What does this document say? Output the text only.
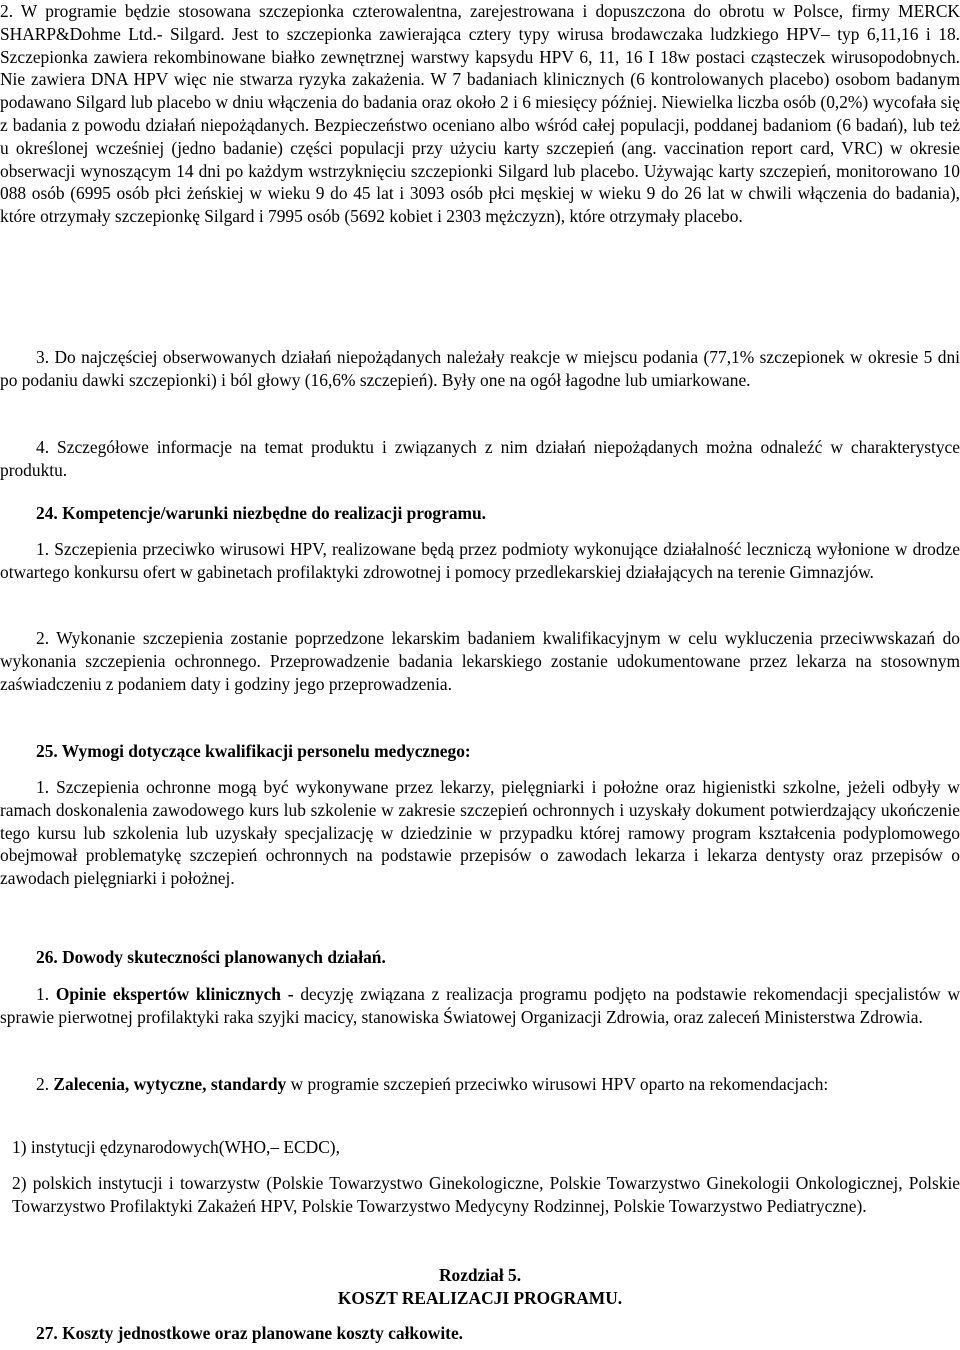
2. W programie będzie stosowana szczepionka czterowalentna, zarejestrowana i dopuszczona do obrotu w Polsce, firmy MERCK SHARP&Dohme Ltd.- Silgard. Jest to szczepionka zawierająca cztery typy wirusa brodawczaka ludzkiego HPV– typ 6,11,16 i 18. Szczepionka zawiera rekombinowane białko zewnętrznej warstwy kapsydu HPV 6, 11, 16 I 18w postaci cząsteczek wirusopodobnych. Nie zawiera DNA HPV więc nie stwarza ryzyka zakażenia. W 7 badaniach klinicznych (6 kontrolowanych placebo) osobom badanym podawano Silgard lub placebo w dniu włączenia do badania oraz około 2 i 6 miesięcy później. Niewielka liczba osób (0,2%) wycofała się z badania z powodu działań niepożądanych. Bezpieczeństwo oceniano albo wśród całej populacji, poddanej badaniom (6 badań), lub też u określonej wcześniej (jedno badanie) części populacji przy użyciu karty szczepień (ang. vaccination report card, VRC) w okresie obserwacji wynoszącym 14 dni po każdym wstrzyknięciu szczepionki Silgard lub placebo. Używając karty szczepień, monitorowano 10 088 osób (6995 osób płci żeńskiej w wieku 9 do 45 lat i 3093 osób płci męskiej w wieku 9 do 26 lat w chwili włączenia do badania), które otrzymały szczepionkę Silgard i 7995 osób (5692 kobiet i 2303 mężczyzn), które otrzymały placebo.

3. Do najczęściej obserwowanych działań niepożądanych należały reakcje w miejscu podania (77,1% szczepionek w okresie 5 dni po podaniu dawki szczepionki) i ból głowy (16,6% szczepień). Były one na ogół łagodne lub umiarkowane.

4. Szczegółowe informacje na temat produktu i związanych z nim działań niepożądanych można odnaleźć w charakterystyce produktu.

24. Kompetencje/warunki niezbędne do realizacji programu.

1. Szczepienia przeciwko wirusowi HPV, realizowane będą przez podmioty wykonujące działalność leczniczą wyłonione w drodze otwartego konkursu ofert w gabinetach profilaktyki zdrowotnej i pomocy przedlekarskiej działających na terenie Gimnazjów.

2. Wykonanie szczepienia zostanie poprzedzone lekarskim badaniem kwalifikacyjnym w celu wykluczenia przeciwwskazań do wykonania szczepienia ochronnego. Przeprowadzenie badania lekarskiego zostanie udokumentowane przez lekarza na stosownym zaświadczeniu z podaniem daty i godziny jego przeprowadzenia.

25. Wymogi dotyczące kwalifikacji personelu medycznego:

1. Szczepienia ochronne mogą być wykonywane przez lekarzy, pielęgniarki i położne oraz higienistki szkolne, jeżeli odbyły w ramach doskonalenia zawodowego kurs lub szkolenie w zakresie szczepień ochronnych i uzyskały dokument potwierdzający ukończenie tego kursu lub szkolenia lub uzyskały specjalizację w dziedzinie w przypadku której ramowy program kształcenia podyplomowego obejmował problematykę szczepień ochronnych na podstawie przepisów o zawodach lekarza i lekarza dentysty oraz przepisów o zawodach pielęgniarki i położnej.

26. Dowody skuteczności planowanych działań.

1. Opinie ekspertów klinicznych - decyzję związana z realizacja programu podjęto na podstawie rekomendacji specjalistów w sprawie pierwotnej profilaktyki raka szyjki macicy, stanowiska Światowej Organizacji Zdrowia, oraz zaleceń Ministerstwa Zdrowia.

2. Zalecenia, wytyczne, standardy w programie szczepień przeciwko wirusowi HPV oparto na rekomendacjach:

1) instytucji ędzynarodowych(WHO,– ECDC),

2) polskich instytucji i towarzystw (Polskie Towarzystwo Ginekologiczne, Polskie Towarzystwo Ginekologii Onkologicznej, Polskie Towarzystwo Profilaktyki Zakażeń HPV, Polskie Towarzystwo Medycyny Rodzinnej, Polskie Towarzystwo Pediatryczne).

Rozdział 5.

KOSZT REALIZACJI PROGRAMU.

27. Koszty jednostkowe oraz planowane koszty całkowite.
